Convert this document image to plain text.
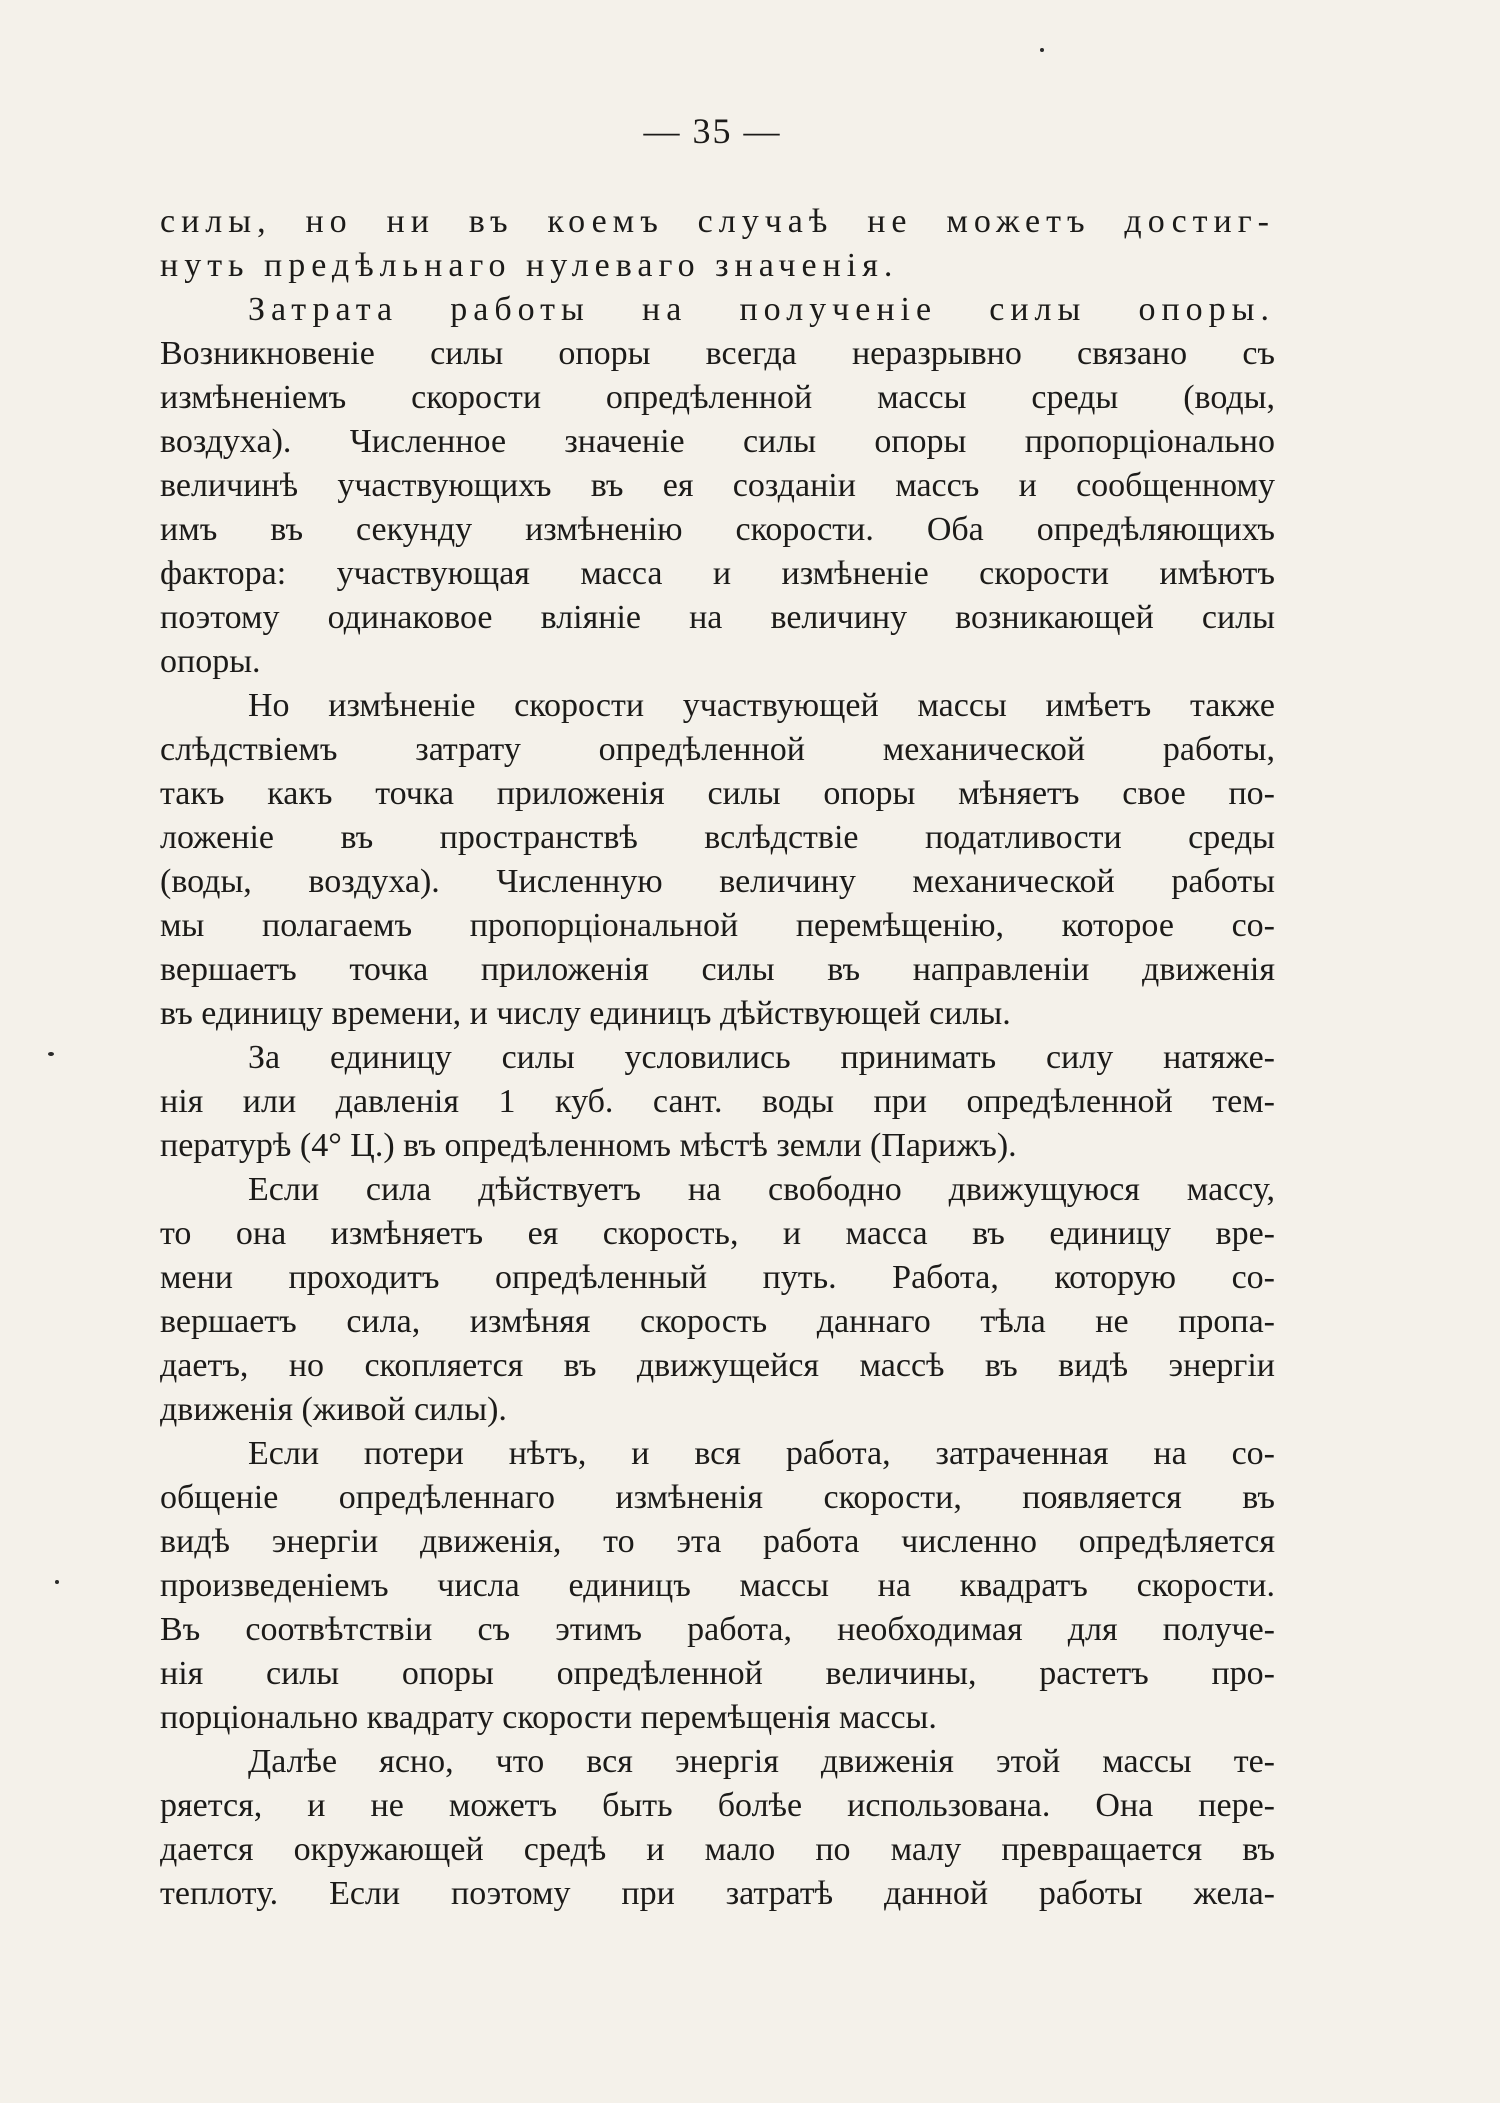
— 35 —
силы, но ни въ коемъ случаѣ не можетъ достиг-
нуть предѣльнаго нулеваго значенія.
Затрата работы на полученіе силы опоры.
Возникновеніе силы опоры всегда неразрывно связано съ
измѣненіемъ скорости опредѣленной массы среды (воды,
воздуха). Численное значеніе силы опоры пропорціонально
величинѣ участвующихъ въ ея созданіи массъ и сообщенному
имъ въ секунду измѣненію скорости. Оба опредѣляющихъ
фактора: участвующая масса и измѣненіе скорости имѣютъ
поэтому одинаковое вліяніе на величину возникающей силы
опоры.
Но измѣненіе скорости участвующей массы имѣетъ также
слѣдствіемъ затрату опредѣленной механической работы,
такъ какъ точка приложенія силы опоры мѣняетъ свое по-
ложеніе въ пространствѣ вслѣдствіе податливости среды
(воды, воздуха). Численную величину механической работы
мы полагаемъ пропорціональной перемѣщенію, которое со-
вершаетъ точка приложенія силы въ направленіи движенія
въ единицу времени, и числу единицъ дѣйствующей силы.
За единицу силы условились принимать силу натяже-
нія или давленія 1 куб. сант. воды при опредѣленной тем-
пературѣ (4° Ц.) въ опредѣленномъ мѣстѣ земли (Парижъ).
Если сила дѣйствуетъ на свободно движущуюся массу,
то она измѣняетъ ея скорость, и масса въ единицу вре-
мени проходитъ опредѣленный путь. Работа, которую со-
вершаетъ сила, измѣняя скорость даннаго тѣла не пропа-
даетъ, но скопляется въ движущейся массѣ въ видѣ энергіи
движенія (живой силы).
Если потери нѣтъ, и вся работа, затраченная на со-
общеніе опредѣленнаго измѣненія скорости, появляется въ
видѣ энергіи движенія, то эта работа численно опредѣляется
произведеніемъ числа единицъ массы на квадратъ скорости.
Въ соотвѣтствіи съ этимъ работа, необходимая для получе-
нія силы опоры опредѣленной величины, растетъ про-
порціонально квадрату скорости перемѣщенія массы.
Далѣе ясно, что вся энергія движенія этой массы те-
ряется, и не можетъ быть болѣе использована. Она пере-
дается окружающей средѣ и мало по малу превращается въ
теплоту. Если поэтому при затратѣ данной работы жела-
